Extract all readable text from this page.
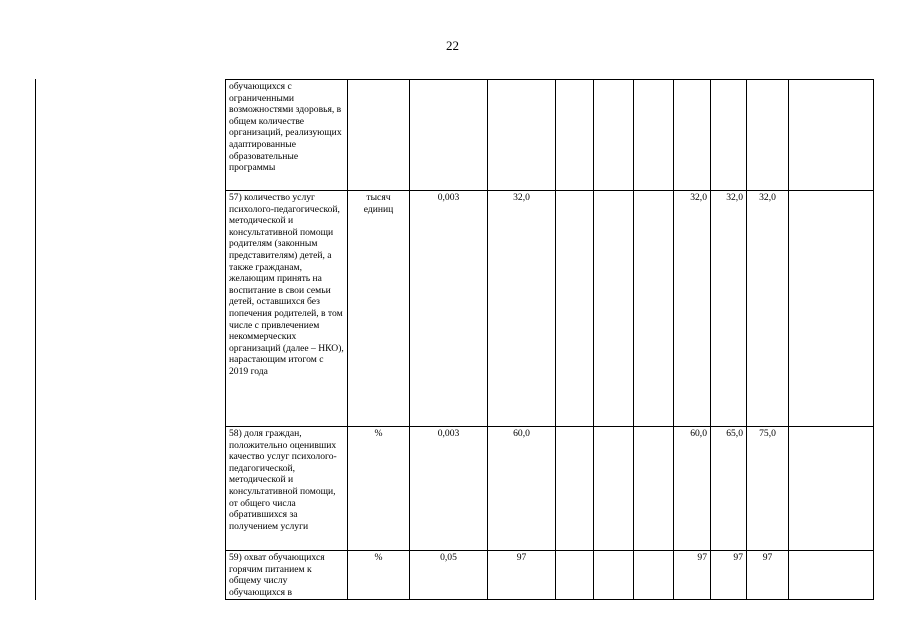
22
обучающихся с ограниченными возможностями здоровья, в общем количестве организаций, реализующих адаптированные образовательные программы										
57) количество услуг психолого-педагогической, методической и консультативной помощи родителям (законным представителям) детей, а также гражданам, желающим принять на воспитание в свои семьи детей, оставшихся без попечения родителей, в том числе с привлечением некоммерческих организаций (далее – НКО), нарастающим итогом с 2019 года	тысяч единиц	0,003	32,0				32,0	32,0	32,0	
58) доля граждан, положительно оценивших качество услуг психолого-педагогической, методической и консультативной помощи, от общего числа обратившихся за получением услуги	%	0,003	60,0				60,0	65,0	75,0	
59) охват обучающихся горячим питанием к общему числу обучающихся в	%	0,05	97				97	97	97	
